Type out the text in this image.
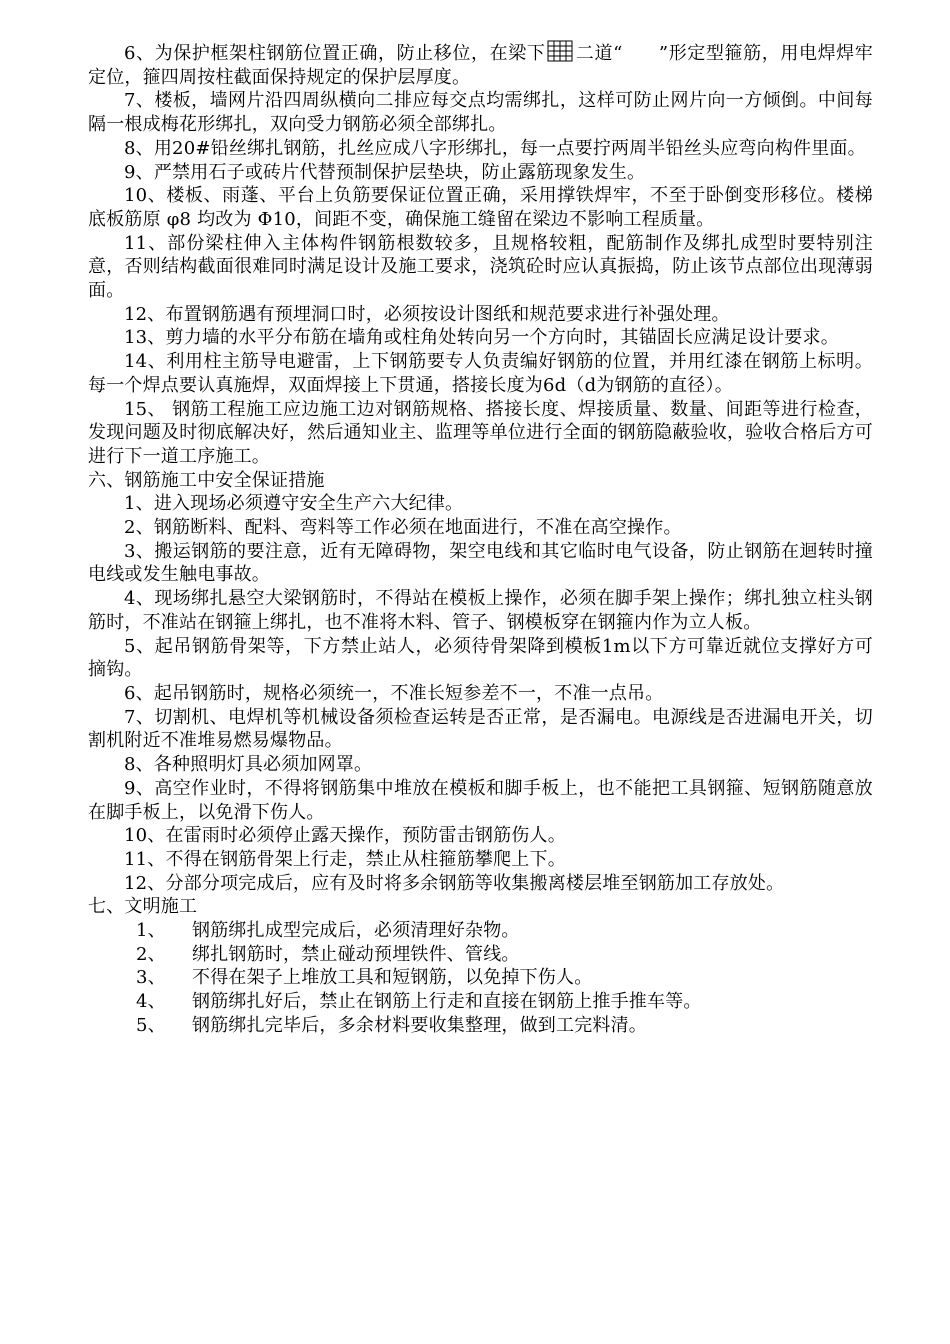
6、为保护框架柱钢筋位置正确，防止移位，在梁下 二道“   ”形定型箍筋，用电焊焊牢定位，箍四周按柱截面保持规定的保护层厚度。

7、楼板，墙网片沿四周纵横向二排应每交点均需绑扎，这样可防止网片向一方倾倒。中间每隔一根成梅花形绑扎，双向受力钢筋必须全部绑扎。

8、用20#铅丝绑扎钢筋，扎丝应成八字形绑扎，每一点要拧两周半铅丝头应弯向构件里面。

9、严禁用石子或砖片代替预制保护层垫块，防止露筋现象发生。

10、楼板、雨蓬、平台上负筋要保证位置正确，采用撑铁焊牢，不至于卧倒变形移位。楼梯底板筋原 φ8 均改为 Φ10，间距不变，确保施工缝留在梁边不影响工程质量。

11、部份梁柱伸入主体构件钢筋根数较多，且规格较粗，配筋制作及绑扎成型时要特别注意，否则结构截面很难同时满足设计及施工要求，浇筑砼时应认真振捣，防止该节点部位出现薄弱面。

12、布置钢筋遇有预埋洞口时，必须按设计图纸和规范要求进行补强处理。

13、剪力墙的水平分布筋在墙角或柱角处转向另一个方向时，其锚固长应满足设计要求。

14、利用柱主筋导电避雷，上下钢筋要专人负责编好钢筋的位置，并用红漆在钢筋上标明。每一个焊点要认真施焊，双面焊接上下贯通，搭接长度为6d（d为钢筋的直径）。

15、 钢筋工程施工应边施工边对钢筋规格、搭接长度、焊接质量、数量、间距等进行检查，发现问题及时彻底解决好，然后通知业主、监理等单位进行全面的钢筋隐蔽验收，验收合格后方可进行下一道工序施工。

六、钢筋施工中安全保证措施

1、进入现场必须遵守安全生产六大纪律。

2、钢筋断料、配料、弯料等工作必须在地面进行，不准在高空操作。

3、搬运钢筋的要注意，近有无障碍物，架空电线和其它临时电气设备，防止钢筋在迴转时撞电线或发生触电事故。

4、现场绑扎悬空大梁钢筋时，不得站在模板上操作，必须在脚手架上操作；绑扎独立柱头钢筋时，不准站在钢箍上绑扎，也不准将木料、管子、钢模板穿在钢箍内作为立人板。

5、起吊钢筋骨架等，下方禁止站人，必须待骨架降到模板1m以下方可靠近就位支撑好方可摘钩。

6、起吊钢筋时，规格必须统一，不准长短参差不一，不准一点吊。

7、切割机、电焊机等机械设备须检查运转是否正常，是否漏电。电源线是否进漏电开关，切割机附近不准堆易燃易爆物品。

8、各种照明灯具必须加网罩。

9、高空作业时，不得将钢筋集中堆放在模板和脚手板上，也不能把工具钢箍、短钢筋随意放在脚手板上，以免滑下伤人。

10、在雷雨时必须停止露天操作，预防雷击钢筋伤人。

11、不得在钢筋骨架上行走，禁止从柱箍筋攀爬上下。

12、分部分项完成后，应有及时将多余钢筋等收集搬离楼层堆至钢筋加工存放处。

七、文明施工

1、 钢筋绑扎成型完成后，必须清理好杂物。

2、 绑扎钢筋时，禁止碰动预埋铁件、管线。

3、 不得在架子上堆放工具和短钢筋，以免掉下伤人。

4、 钢筋绑扎好后，禁止在钢筋上行走和直接在钢筋上推手推车等。

5、 钢筋绑扎完毕后，多余材料要收集整理，做到工完料清。
